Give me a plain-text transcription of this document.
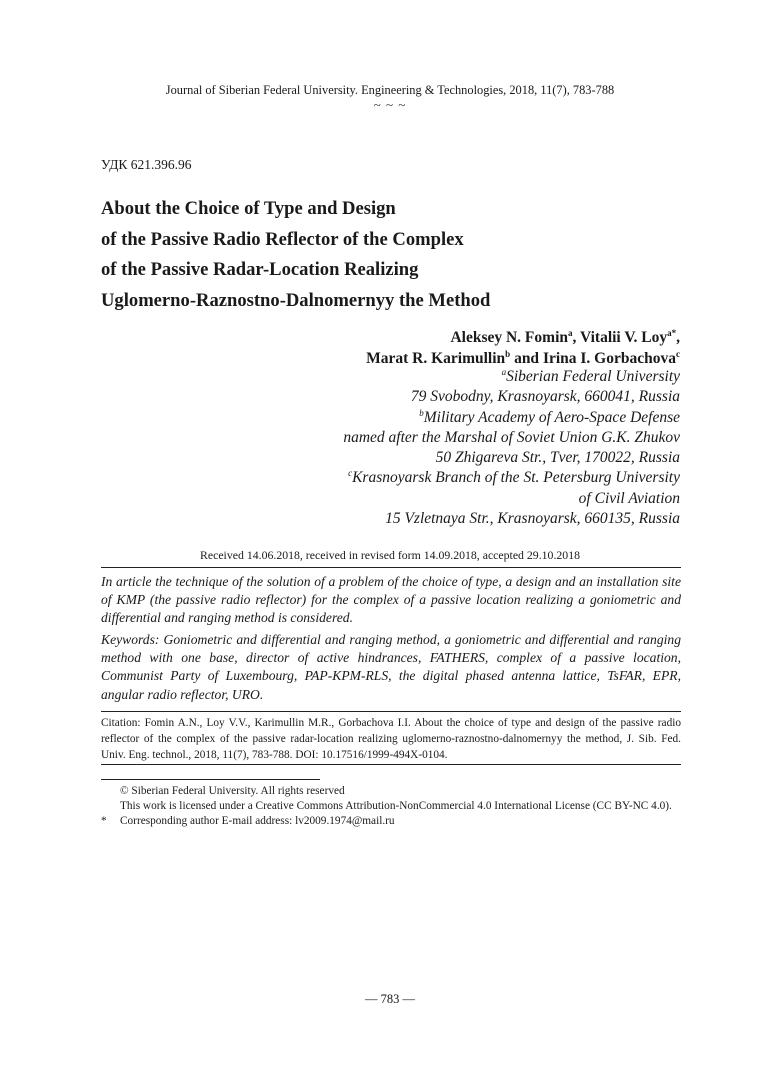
Journal of Siberian Federal University. Engineering & Technologies, 2018, 11(7), 783-788
~ ~ ~
УДК 621.396.96
About the Choice of Type and Design
of the Passive Radio Reflector of the Complex
of the Passive Radar-Location Realizing
Uglomerno-Raznostno-Dalnomernyy the Method
Aleksey N. Fomin$^a$, Vitalii V. Loy$^{a*}$,
Marat R. Karimullin$^b$ and Irina I. Gorbachova$^c$
$^a$Siberian Federal University
79 Svobodny, Krasnoyarsk, 660041, Russia
$^b$Military Academy of Aero-Space Defense
named after the Marshal of Soviet Union G.K. Zhukov
50 Zhigareva Str., Tver, 170022, Russia
$^c$Krasnoyarsk Branch of the St. Petersburg University
of Civil Aviation
15 Vzletnaya Str., Krasnoyarsk, 660135, Russia
Received 14.06.2018, received in revised form 14.09.2018, accepted 29.10.2018
In article the technique of the solution of a problem of the choice of type, a design and an installation site of KMP (the passive radio reflector) for the complex of a passive location realizing a goniometric and differential and ranging method is considered.
Keywords: Goniometric and differential and ranging method, a goniometric and differential and ranging method with one base, director of active hindrances, FATHERS, complex of a passive location, Communist Party of Luxembourg, PAP-KPM-RLS, the digital phased antenna lattice, TsFAR, EPR, angular radio reflector, URO.
Citation: Fomin A.N., Loy V.V., Karimullin M.R., Gorbachova I.I. About the choice of type and design of the passive radio reflector of the complex of the passive radar-location realizing uglomerno-raznostno-dalnomernyy the method, J. Sib. Fed. Univ. Eng. technol., 2018, 11(7), 783-788. DOI: 10.17516/1999-494X-0104.
© Siberian Federal University. All rights reserved
This work is licensed under a Creative Commons Attribution-NonCommercial 4.0 International License (CC BY-NC 4.0).
* Corresponding author E-mail address: lv2009.1974@mail.ru
— 783 —
